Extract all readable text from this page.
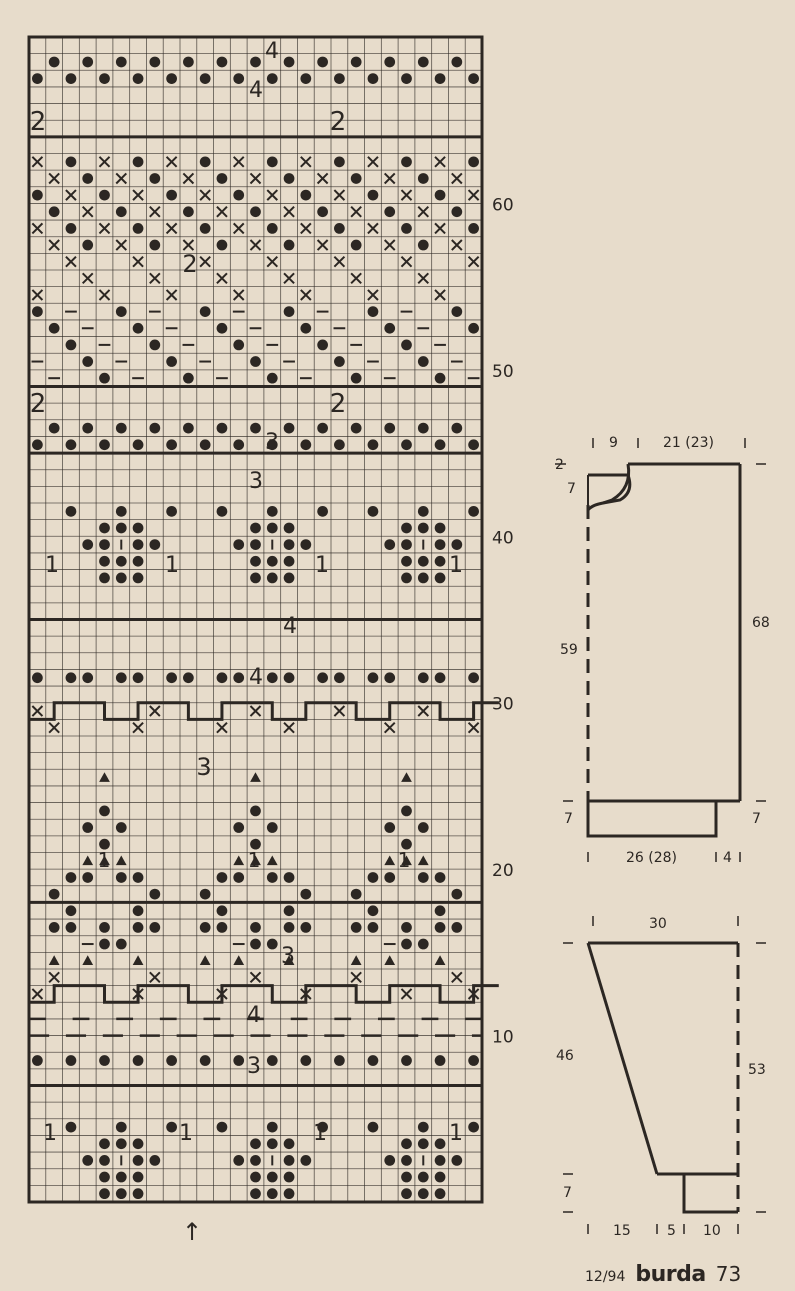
4
4
2	2
2
2	2
3
3
1	1	1	1
4
4
3
1	1	1
3
4
3
1	1	1	1
10
20
30
40
50
60
↑
9	21 (23)
2
7
59
68
7	7
26 (28)	4
30
46
53
7
15	5 10
12/94 burda 73
